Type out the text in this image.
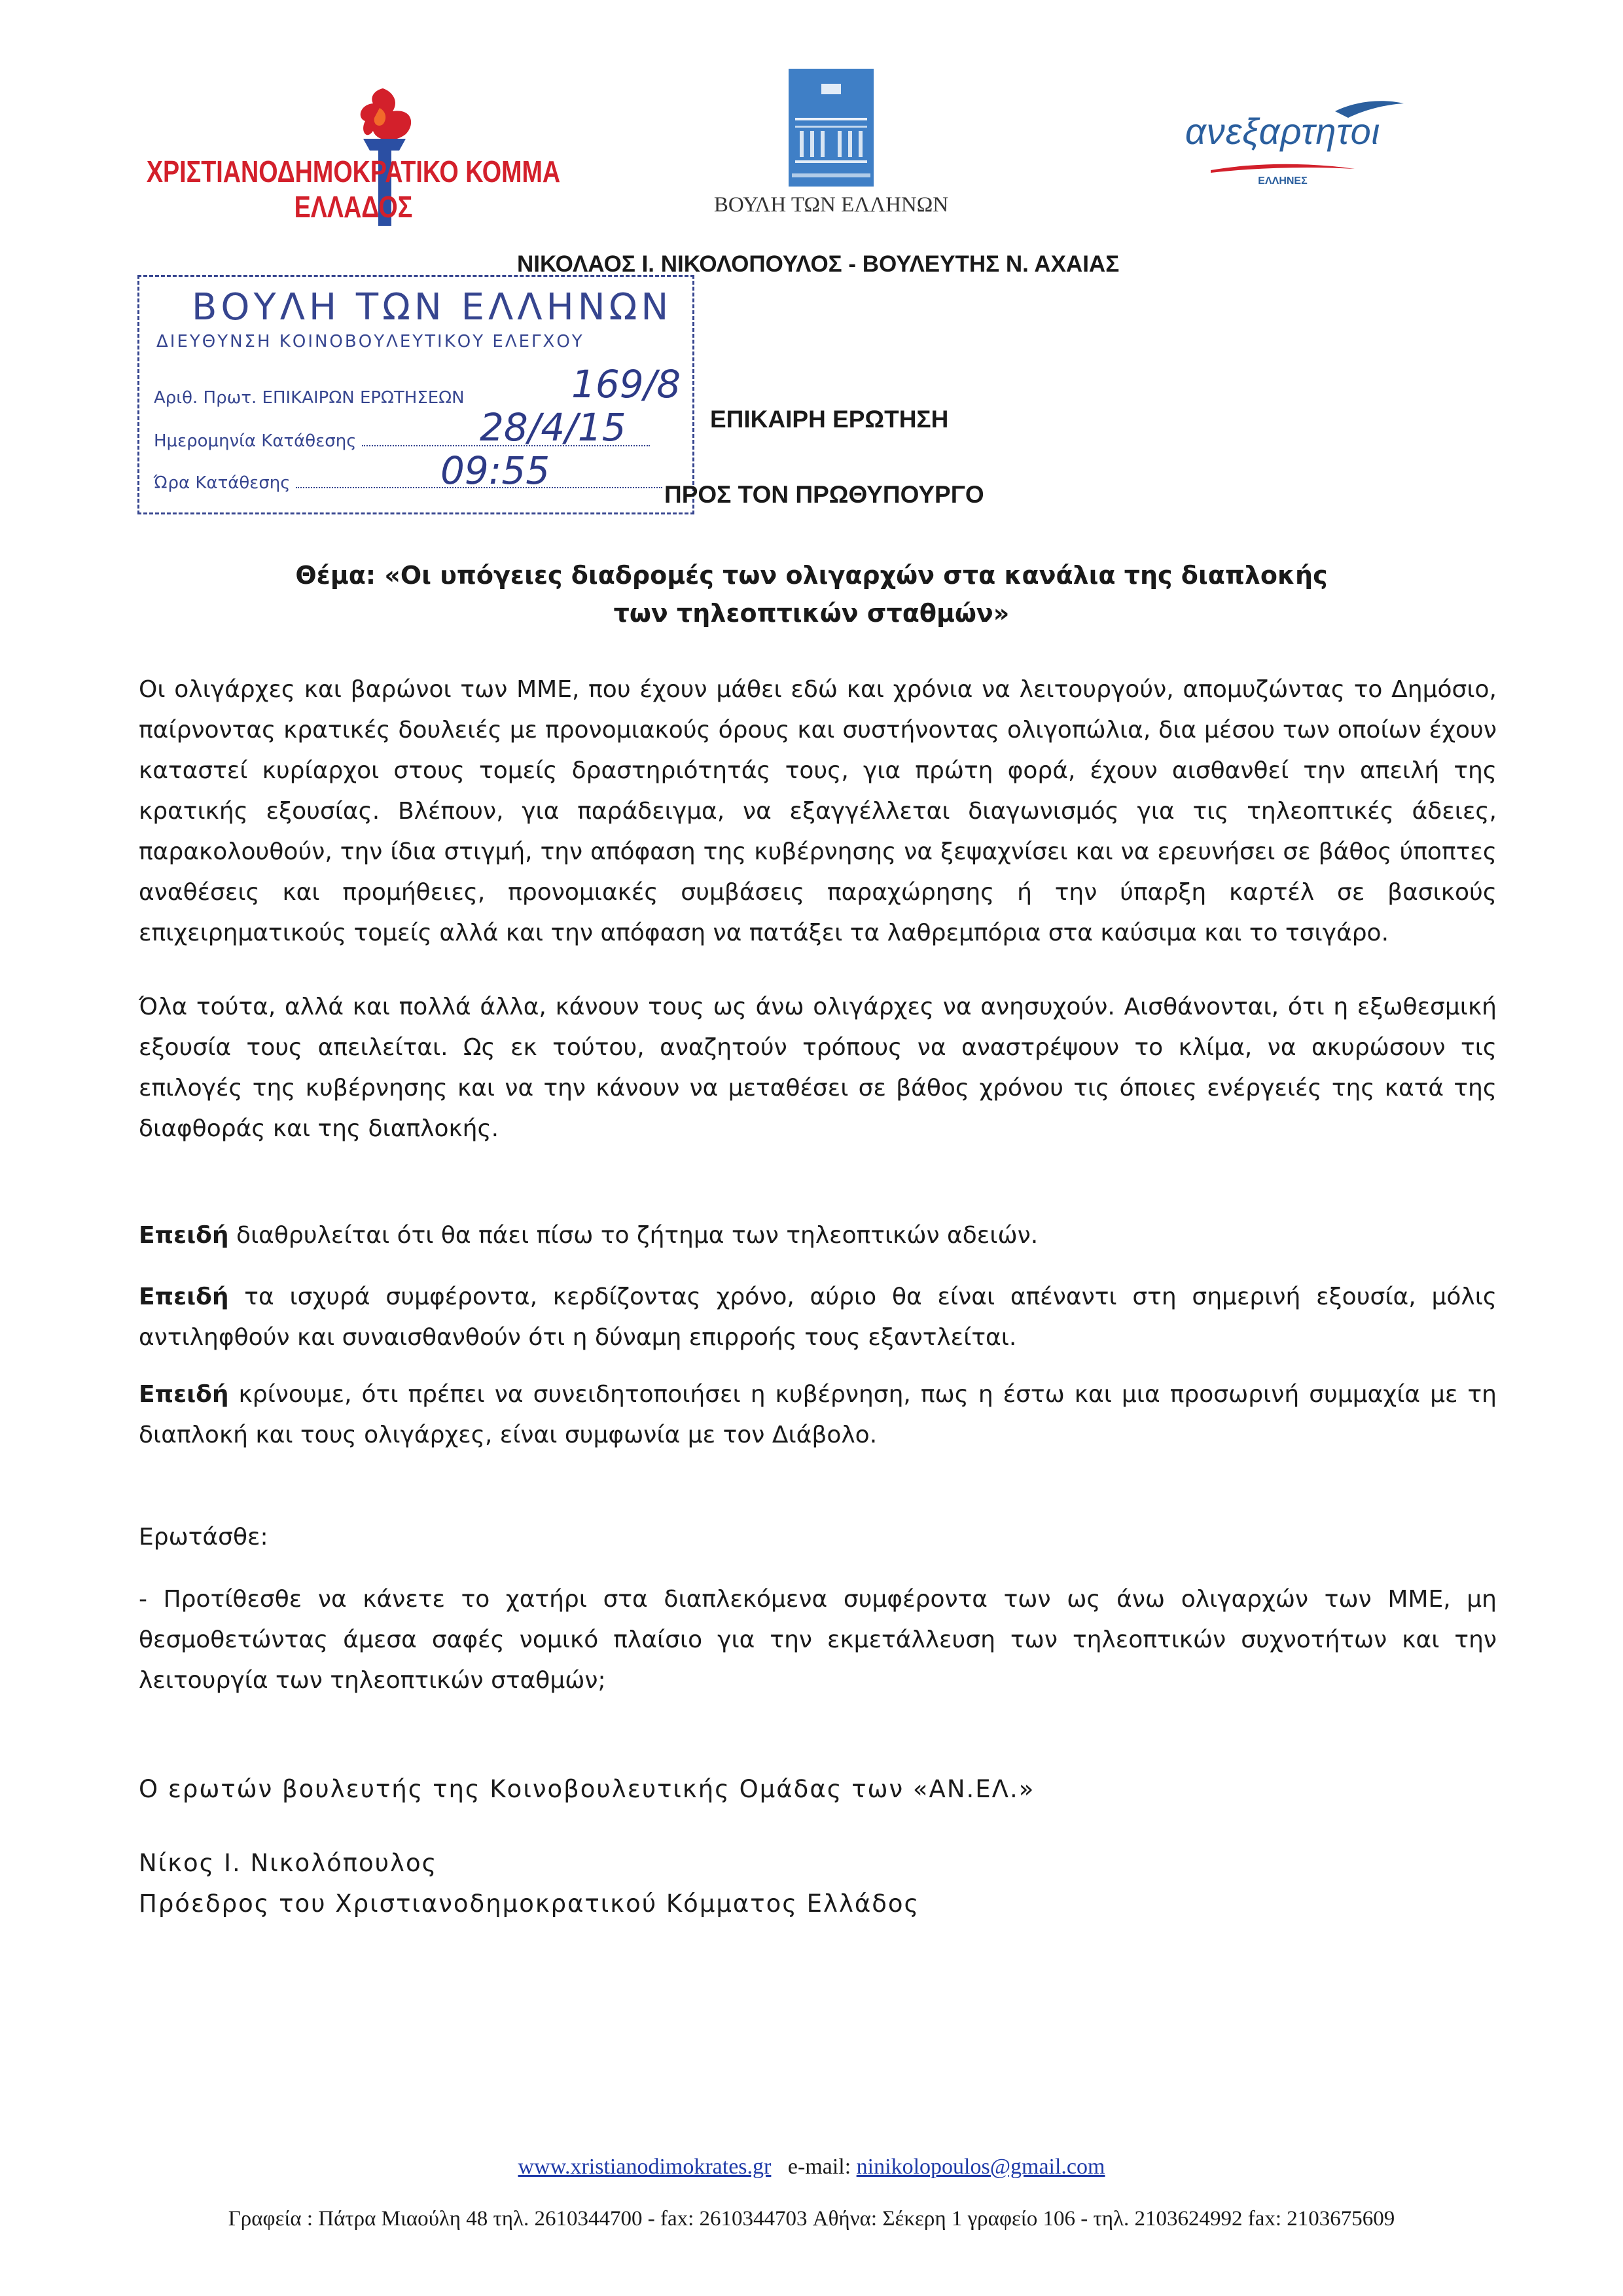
ΧΡΙΣΤΙΑΝΟΔΗΜΟΚΡΑΤΙΚΟ ΚΟΜΜΑ ΕΛΛΑΔΟΣ	ΒΟΥΛΗ ΤΩΝ ΕΛΛΗΝΩΝ
ανεξαρτητοι
ΕΛΛΗΝΕΣ
ΝΙΚΟΛΑΟΣ Ι. ΝΙΚΟΛΟΠΟΥΛΟΣ - ΒΟΥΛΕΥΤΗΣ Ν. ΑΧΑΙΑΣ
ΒΟΥΛΗ ΤΩΝ ΕΛΛΗΝΩΝ
ΔΙΕΥΘΥΝΣΗ ΚΟΙΝΟΒΟΥΛΕΥΤΙΚΟΥ ΕΛΕΓΧΟΥ
Αριθ. Πρωτ. ΕΠΙΚΑΙΡΩΝ ΕΡΩΤΗΣΕΩΝ	169/8
Ημερομηνία Κατάθεσης	28/4/15
Ώρα Κατάθεσης	09:55
ΕΠΙΚΑΙΡΗ ΕΡΩΤΗΣΗ
ΠΡΟΣ ΤΟΝ ΠΡΩΘΥΠΟΥΡΓΟ
Θέμα: «Οι υπόγειες διαδρομές των ολιγαρχών στα κανάλια της διαπλοκής
των τηλεοπτικών σταθμών»
Οι ολιγάρχες και βαρώνοι των ΜΜΕ, που έχουν μάθει εδώ και χρόνια να λειτουργούν, απομυζώντας το Δημόσιο, παίρνοντας κρατικές δουλειές με προνομιακούς όρους και συστήνοντας ολιγοπώλια, δια μέσου των οποίων έχουν καταστεί κυρίαρχοι στους τομείς δραστηριότητάς τους, για πρώτη φορά, έχουν αισθανθεί την απειλή της κρατικής εξουσίας. Βλέπουν, για παράδειγμα, να εξαγγέλλεται διαγωνισμός για τις τηλεοπτικές άδειες, παρακολουθούν, την ίδια στιγμή, την απόφαση της κυβέρνησης να ξεψαχνίσει και να ερευνήσει σε βάθος ύποπτες αναθέσεις και προμήθειες, προνομιακές συμβάσεις παραχώρησης ή την ύπαρξη καρτέλ σε βασικούς επιχειρηματικούς τομείς αλλά και την απόφαση να πατάξει τα λαθρεμπόρια στα καύσιμα και το τσιγάρο.
Όλα τούτα, αλλά και πολλά άλλα, κάνουν τους ως άνω ολιγάρχες να ανησυχούν. Αισθάνονται, ότι η εξωθεσμική εξουσία τους απειλείται. Ως εκ τούτου, αναζητούν τρόπους να αναστρέψουν το κλίμα, να ακυρώσουν τις επιλογές της κυβέρνησης και να την κάνουν να μεταθέσει σε βάθος χρόνου τις όποιες ενέργειές της κατά της διαφθοράς και της διαπλοκής.
Επειδή διαθρυλείται ότι θα πάει πίσω το ζήτημα των τηλεοπτικών αδειών.
Επειδή τα ισχυρά συμφέροντα, κερδίζοντας χρόνο, αύριο θα είναι απέναντι στη σημερινή εξουσία, μόλις αντιληφθούν και συναισθανθούν ότι η δύναμη επιρροής τους εξαντλείται.
Επειδή κρίνουμε, ότι πρέπει να συνειδητοποιήσει η κυβέρνηση, πως η έστω και μια προσωρινή συμμαχία με τη διαπλοκή και τους ολιγάρχες, είναι συμφωνία με τον Διάβολο.
Ερωτάσθε:
- Προτίθεσθε να κάνετε το χατήρι στα διαπλεκόμενα συμφέροντα των ως άνω ολιγαρχών των ΜΜΕ, μη θεσμοθετώντας άμεσα σαφές νομικό πλαίσιο για την εκμετάλλευση των τηλεοπτικών συχνοτήτων και την λειτουργία των τηλεοπτικών σταθμών;
Ο ερωτών βουλευτής της Κοινοβουλευτικής Ομάδας των «ΑΝ.ΕΛ.»
Νίκος Ι. Νικολόπουλος
Πρόεδρος του Χριστιανοδημοκρατικού Κόμματος Ελλάδος
www.xristianodimokrates.gr e-mail: ninikolopoulos@gmail.com
Γραφεία : Πάτρα Μιαούλη 48 τηλ. 2610344700 - fax: 2610344703 Αθήνα: Σέκερη 1 γραφείο 106 - τηλ. 2103624992 fax: 2103675609
